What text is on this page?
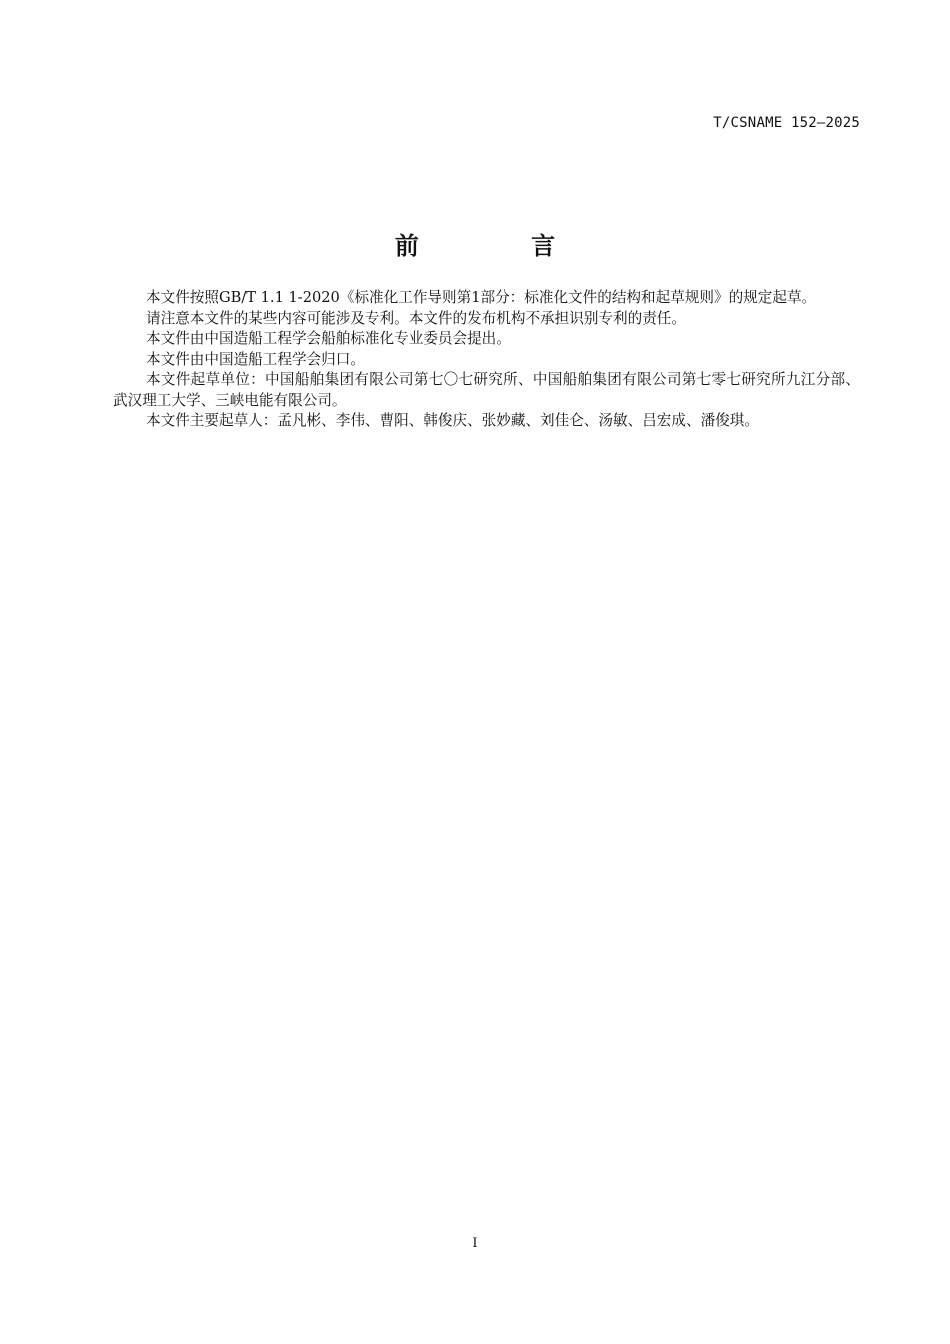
T/CSNAME 152—2025
前 言

本文件按照GB/T 1.1 1-2020《标准化工作导则第1部分：标准化文件的结构和起草规则》的规定起草。

请注意本文件的某些内容可能涉及专利。本文件的发布机构不承担识别专利的责任。

本文件由中国造船工程学会船舶标准化专业委员会提出。

本文件由中国造船工程学会归口。

本文件起草单位：中国船舶集团有限公司第七〇七研究所、中国船舶集团有限公司第七零七研究所九江分部、武汉理工大学、三峡电能有限公司。

本文件主要起草人：孟凡彬、李伟、曹阳、韩俊庆、张妙藏、刘佳仑、汤敏、吕宏成、潘俊琪。

I
